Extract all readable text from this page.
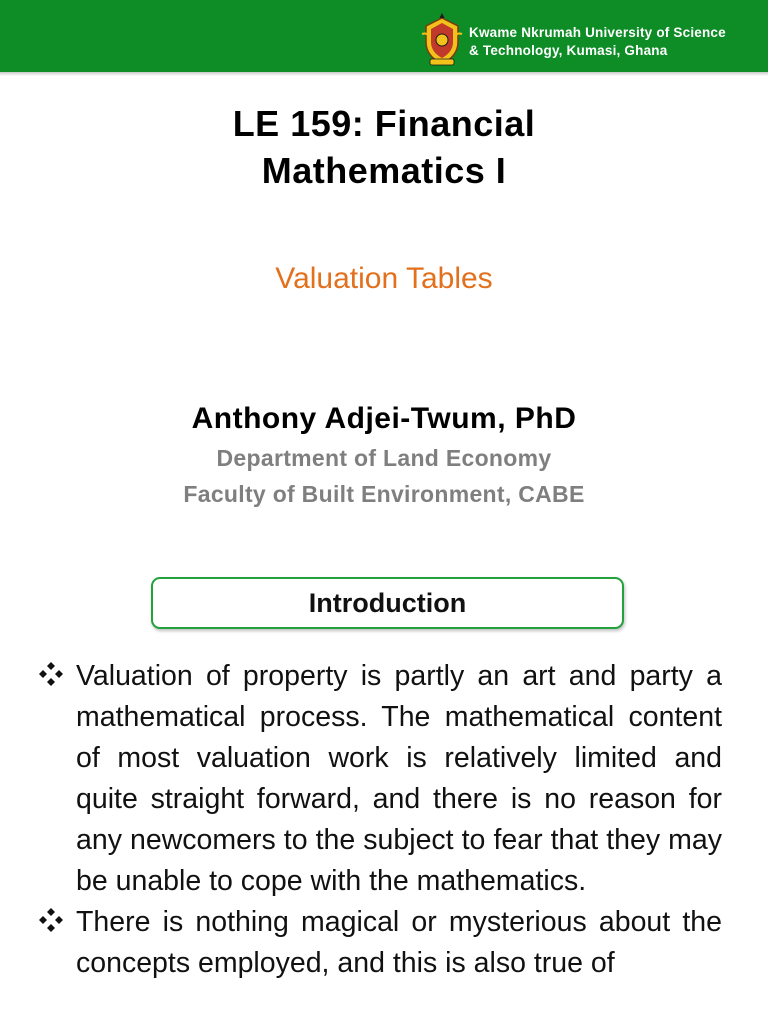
Kwame Nkrumah University of Science & Technology, Kumasi, Ghana
LE 159: Financial
Mathematics I
Valuation Tables
Anthony Adjei-Twum, PhD
Department of Land Economy
Faculty of Built Environment, CABE
Introduction
Valuation of property is partly an art and party a mathematical process. The mathematical content of most valuation work is relatively limited and quite straight forward, and there is no reason for any newcomers to the subject to fear that they may be unable to cope with the mathematics.
There is nothing magical or mysterious about the concepts employed, and this is also true of
